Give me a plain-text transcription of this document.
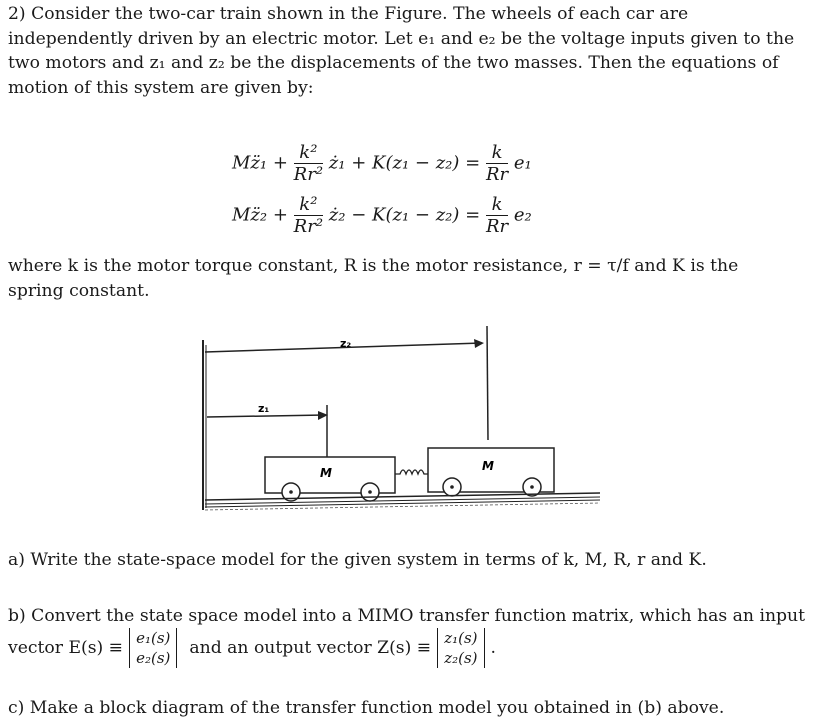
2) Consider the two-car train shown in the Figure. The wheels of each car are independently driven by an electric motor. Let e₁ and e₂ be the voltage inputs given to the two motors and z₁ and z₂ be the displacements of the two masses. Then the equations of motion of this system are given by:

Mz̈₁ + $\frac{\text{k²}}{\text{Rr²}}$ ż₁ + $K(z_1 - z_2) = \frac{k}{Rr} e_1$
Mz̈₂ + $\frac{\text{k²}}{\text{Rr²}}$ ż₂ − $K(z_1 - z_2) = \frac{k}{Rr} e_2$

where k is the motor torque constant, R is the motor resistance, r = τ/f and K is the spring constant.

z₂
z₁
M	M

a) Write the state-space model for the given system in terms of k, M, R, r and K.

b) Convert the state space model into a MIMO transfer function matrix, which has an input

vector E(s) ≡ e₁(s)
e₂(s) and an output vector Z(s) ≡ z₁(s)
z₂(s) .

c) Make a block diagram of the transfer function model you obtained in (b) above.
